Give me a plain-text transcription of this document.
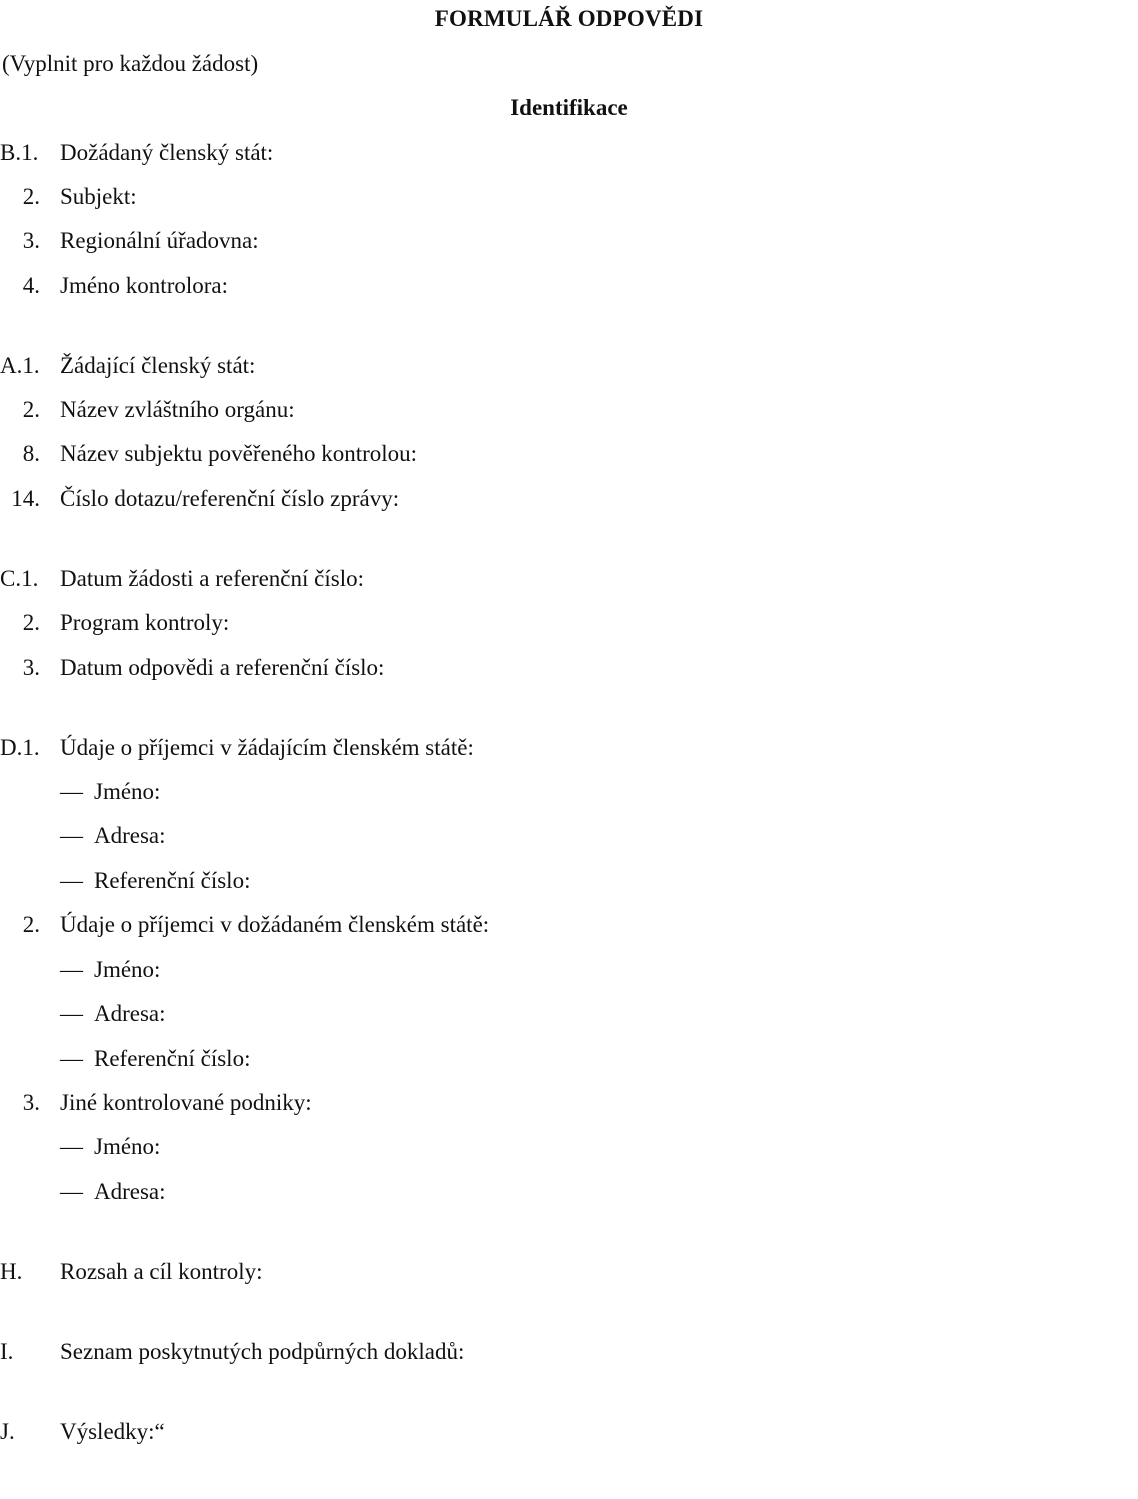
FORMULÁŘ ODPOVĚDI
(Vyplnit pro každou žádost)
Identifikace
B.1. Dožádaný členský stát:
2. Subjekt:
3. Regionální úřadovna:
4. Jméno kontrolora:
A.1. Žádající členský stát:
2. Název zvláštního orgánu:
8. Název subjektu pověřeného kontrolou:
14. Číslo dotazu/referenční číslo zprávy:
C.1. Datum žádosti a referenční číslo:
2. Program kontroly:
3. Datum odpovědi a referenční číslo:
D.1. Údaje o příjemci v žádajícím členském státě:
— Jméno:
— Adresa:
— Referenční číslo:
2. Údaje o příjemci v dožádaném členském státě:
— Jméno:
— Adresa:
— Referenční číslo:
3. Jiné kontrolované podniky:
— Jméno:
— Adresa:
H.	Rozsah a cíl kontroly:
I.	Seznam poskytnutých podpůrných dokladů:
J.	Výsledky:“
